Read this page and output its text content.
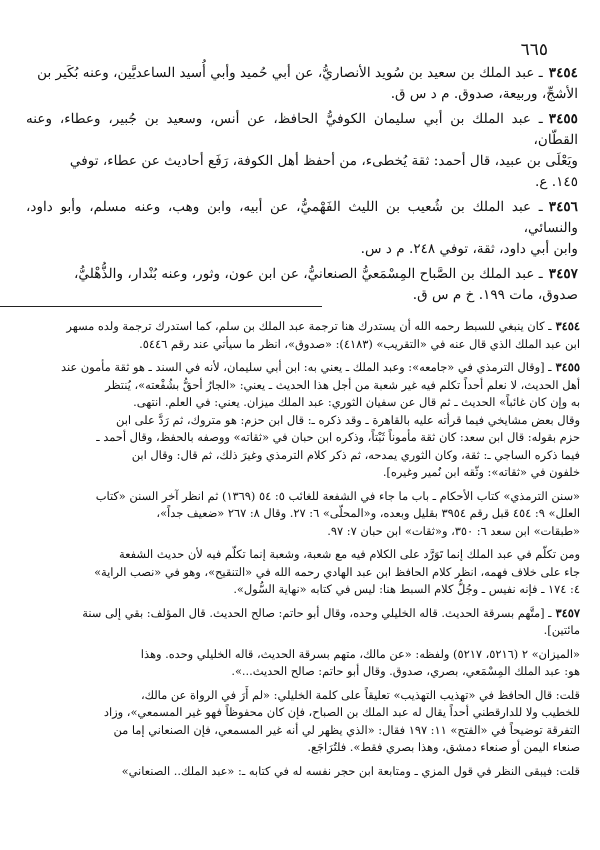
٦٦٥
٣٤٥٤ـ عبد الملك بن سعيد بن سُويد الأنصاريُّ، عن أبي حُميد وأبي أُسيد الساعديَّين، وعنه بُكَير بن
الأشجِّ، وربيعة، صدوق. م د س ق.
٣٤٥٥ـ عبد الملك بن أبي سليمان الكوفيُّ الحافظ، عن أنس، وسعيد بن جُبير، وعطاء، وعنه القطّان،
ويَعْلَى بن عبيد، قال أحمد: ثقة يُخطىء، من أحفظ أهل الكوفة، رَفَع أحاديث عن عطاء، توفي
١٤٥. ع.
٣٤٥٦ـ عبد الملك بن شُعيب بن الليث الفَهْميُّ، عن أبيه، وابن وهب، وعنه مسلم، وأبو داود، والنسائي،
وابن أبي داود، ثقة، توفي ٢٤٨. م د س.
٣٤٥٧ـ عبد الملك بن الصَّباح المِسْمَعيُّ الصنعانيُّ، عن ابن عون، وثور، وعنه بُنْدار، والذُّهْليُّ،
صدوق، مات ١٩٩. خ م س ق.
٣٤٥٤ـ كان ينبغي للسبط رحمه الله أن يستدرك هنا ترجمة عبد الملك بن سلم، كما استدرك ترجمة ولده مسهر
ابن عبد الملك الذي قال عنه في «التقريب» (٤١٨٣): «صدوق»، انظر ما سيأتي عند رقم ٥٤٤٦.
٣٤٥٥ـ [وقال الترمذي في «جامعه»: وعبد الملك ـ يعني به: ابن أبي سليمان، لأنه في السند ـ هو ثقة مأمون عند
أهل الحديث، لا نعلم أحداً تكلم فيه غير شعبة من أجل هذا الحديث ـ يعني: «الجارُ أحقُّ بشُفْعته»، يُنتظر
به وإن كان غائباً» الحديث ـ ثم قال عن سفيان الثوري: عبد الملك ميزان. يعني: في العلم. انتهى.
وقال بعض مشايخي فيما قرأته عليه بالقاهرة ـ وقد ذكره ـ: قال ابن حزم: هو متروك، ثم رَدَّ على ابن
حزم بقوله: قال ابن سعد: كان ثقة مأموناً ثَبْتاً، وذكره ابن حبان في «ثقاته» ووصفه بالحفظ، وقال أحمد ـ
فيما ذكره الساجي ـ: ثقة، وكان الثوري يمدحه، ثم ذكر كلام الترمذي وغيرَ ذلك، ثم قال: وقال ابن
خلفون في «ثقاته»: وثّقه ابن نُمير وغيره].
«سنن الترمذي» كتاب الأحكام ـ باب ما جاء في الشفعة للغائب ٥: ٥٤ (١٣٦٩) ثم انظر آخر السنن «كتاب
العلل» ٩: ٤٥٤ قبل رقم ٣٩٥٤ بقليل وبعده، و«المحلّى» ٦: ٢٧. وقال ٨: ٢٦٧ «ضعيف جداً»،
«طبقات» ابن سعد ٦: ٣٥٠، و«ثقات» ابن حبان ٧: ٩٧.
ومن تكلّم في عبد الملك إنما تَوَرَّد على الكلام فيه مع شعبة، وشعبة إنما تكلّم فيه لأن حديث الشفعة
جاء على خلاف فهمه، انظر كلام الحافظ ابن عبد الهادي رحمه الله في «التنقيح»، وهو في «نصب الراية»
٤: ١٧٤ ـ فإنه نفيس ـ وجُلُّ كلام السبط هنا: ليس في كتابه «نهاية السُّول».
٣٤٥٧ـ [متَّهم بسرقة الحديث. قاله الخليلي وحده، وقال أبو حاتم: صالح الحديث. قال المؤلف: بقي إلى سنة
مائتين].
«الميزان» ٢ (٥٢١٦، ٥٢١٧) ولفظه: «عن مالك، متهم بسرقة الحديث، قاله الخليلي وحده. وهذا
هو: عبد الملك المِسْمَعي، بصري، صدوق. وقال أبو حاتم: صالح الحديث...».
قلت: قال الحافظ في «تهذيب التهذيب» تعليقاً على كلمة الخليلي: «لم أَرَ في الرواة عن مالك،
للخطيب ولا للدارقطني أحداً يقال له عبد الملك بن الصباح، فإن كان محفوظاً فهو غير المسمعي»، وزاد
التفرقة توضيحاً في «الفتح» ١١: ١٩٧ فقال: «الذي يظهر لي أنه غير المسمعي، فإن الصنعاني إما من
صنعاء اليمن أو صنعاء دمشق، وهذا بصري فقط». فلتُرَاجَع.
قلت: فيبقى النظر في قول المزي ـ ومتابعة ابن حجر نفسه له في كتابه ـ: «عبد الملك.. الصنعاني»
